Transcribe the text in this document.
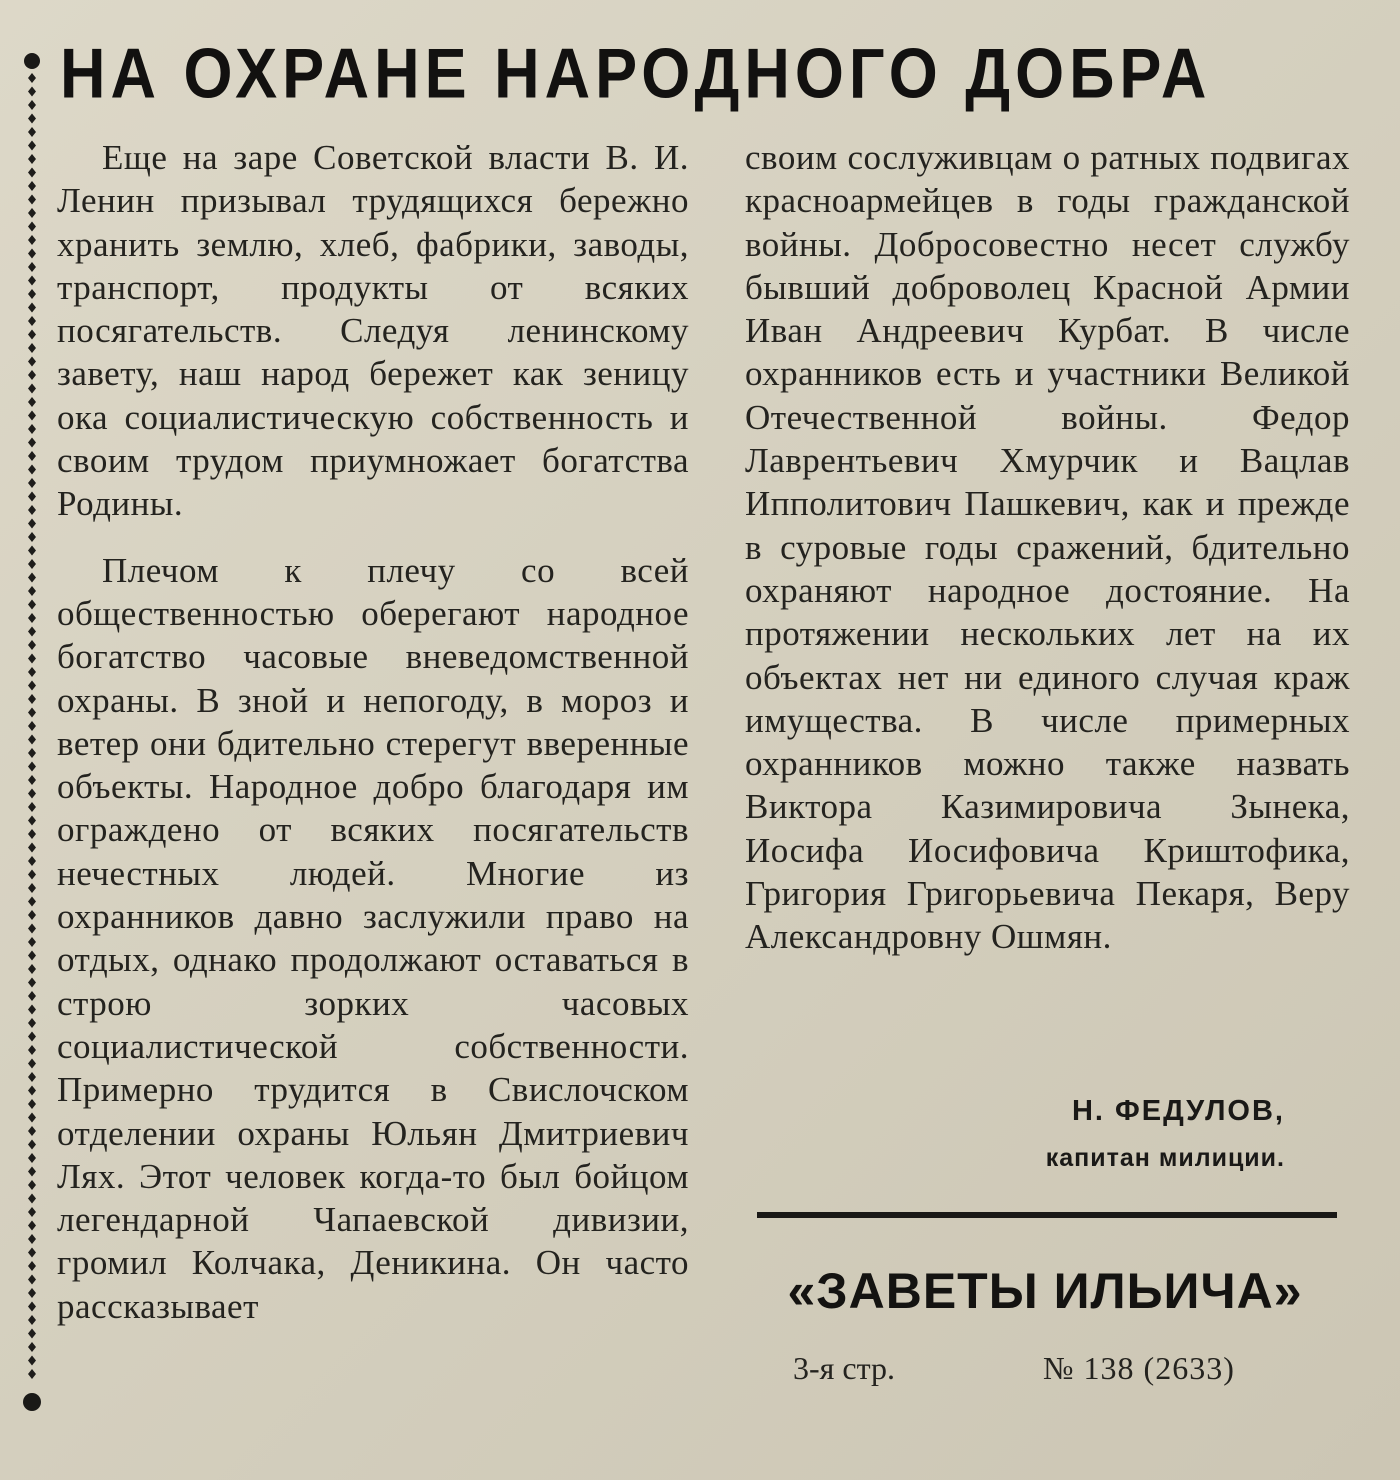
НА ОХРАНЕ НАРОДНОГО ДОБРА

Еще на заре Советской власти В. И. Ленин призывал трудящихся бережно хранить землю, хлеб, фабрики, заводы, транспорт, продукты от всяких посягательств. Следуя ленинскому завету, наш народ бережет как зеницу ока социалистическую собственность и своим трудом приумножает богатства Родины.

Плечом к плечу со всей общественностью оберегают народное богатство часовые вневедомственной охраны. В зной и непогоду, в мороз и ветер они бдительно стерегут вверенные объекты. Народное добро благодаря им ограждено от всяких посягательств нечестных людей. Многие из охранников давно заслужили право на отдых, однако продолжают оставаться в строю зорких часовых социалистической собственности. Примерно трудится в Свислочском отделении охраны Юльян Дмитриевич Лях. Этот человек когда-то был бойцом легендарной Чапаевской дивизии, громил Колчака, Деникина. Он часто рассказывает

своим сослуживцам о ратных подвигах красноармейцев в годы гражданской войны. Добросовестно несет службу бывший доброволец Красной Армии Иван Андреевич Курбат. В числе охранников есть и участники Великой Отечественной войны. Федор Лаврентьевич Хмурчик и Вацлав Ипполитович Пашкевич, как и прежде в суровые годы сражений, бдительно охраняют народное достояние. На протяжении нескольких лет на их объектах нет ни единого случая краж имущества. В числе примерных охранников можно также назвать Виктора Казимировича Зынека, Иосифа Иосифовича Криштофика, Григория Григорьевича Пекаря, Веру Александровну Ошмян.

Н. ФЕДУЛОВ,
капитан милиции.
«ЗАВЕТЫ ИЛЬИЧА»
3-я стр.	№ 138 (2633)
